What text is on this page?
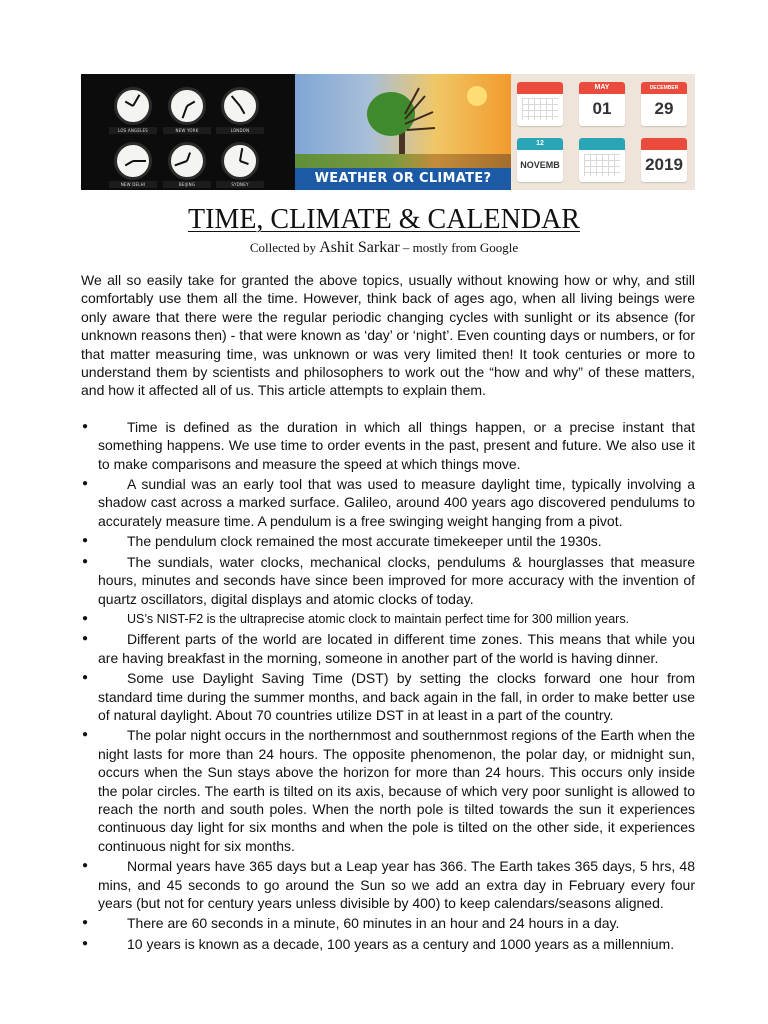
LOS ANGELES	NEW YORK	LONDON
NEW DELHI	BEIJING	SYDNEY	WEATHER OR CLIMATE?
MAY
01
DECEMBER
29
12
NOVEMB	2019
TIME, CLIMATE & CALENDAR
Collected by Ashit Sarkar – mostly from Google

We all so easily take for granted the above topics, usually without knowing how or why, and still comfortably use them all the time. However, think back of ages ago, when all living beings were only aware that there were the regular periodic changing cycles with sunlight or its absence (for unknown reasons then) - that were known as ‘day’ or ‘night’. Even counting days or numbers, or for that matter measuring time, was unknown or was very limited then! It took centuries or more to understand them by scientists and philosophers to work out the “how and why” of these matters, and how it affected all of us. This article attempts to explain them.

●	Time is defined as the duration in which all things happen, or a precise instant that something happens. We use time to order events in the past, present and future. We also use it to make comparisons and measure the speed at which things move.
●	A sundial was an early tool that was used to measure daylight time, typically involving a shadow cast across a marked surface. Galileo, around 400 years ago discovered pendulums to accurately measure time. A pendulum is a free swinging weight hanging from a pivot.
●	The pendulum clock remained the most accurate timekeeper until the 1930s.
●	The sundials, water clocks, mechanical clocks, pendulums & hourglasses that measure hours, minutes and seconds have since been improved for more accuracy with the invention of quartz oscillators, digital displays and atomic clocks of today.
●	US’s NIST-F2 is the ultraprecise atomic clock to maintain perfect time for 300 million years.
●	Different parts of the world are located in different time zones. This means that while you are having breakfast in the morning, someone in another part of the world is having dinner.
●	Some use Daylight Saving Time (DST) by setting the clocks forward one hour from standard time during the summer months, and back again in the fall, in order to make better use of natural daylight. About 70 countries utilize DST in at least in a part of the country.
●	The polar night occurs in the northernmost and southernmost regions of the Earth when the night lasts for more than 24 hours. The opposite phenomenon, the polar day, or midnight sun, occurs when the Sun stays above the horizon for more than 24 hours. This occurs only inside the polar circles. The earth is tilted on its axis, because of which very poor sunlight is allowed to reach the north and south poles. When the north pole is tilted towards the sun it experiences continuous day light for six months and when the pole is tilted on the other side, it experiences continuous night for six months.
●	Normal years have 365 days but a Leap year has 366. The Earth takes 365 days, 5 hrs, 48 mins, and 45 seconds to go around the Sun so we add an extra day in February every four years (but not for century years unless divisible by 400) to keep calendars/seasons aligned.
●	There are 60 seconds in a minute, 60 minutes in an hour and 24 hours in a day.
●	10 years is known as a decade, 100 years as a century and 1000 years as a millennium.
